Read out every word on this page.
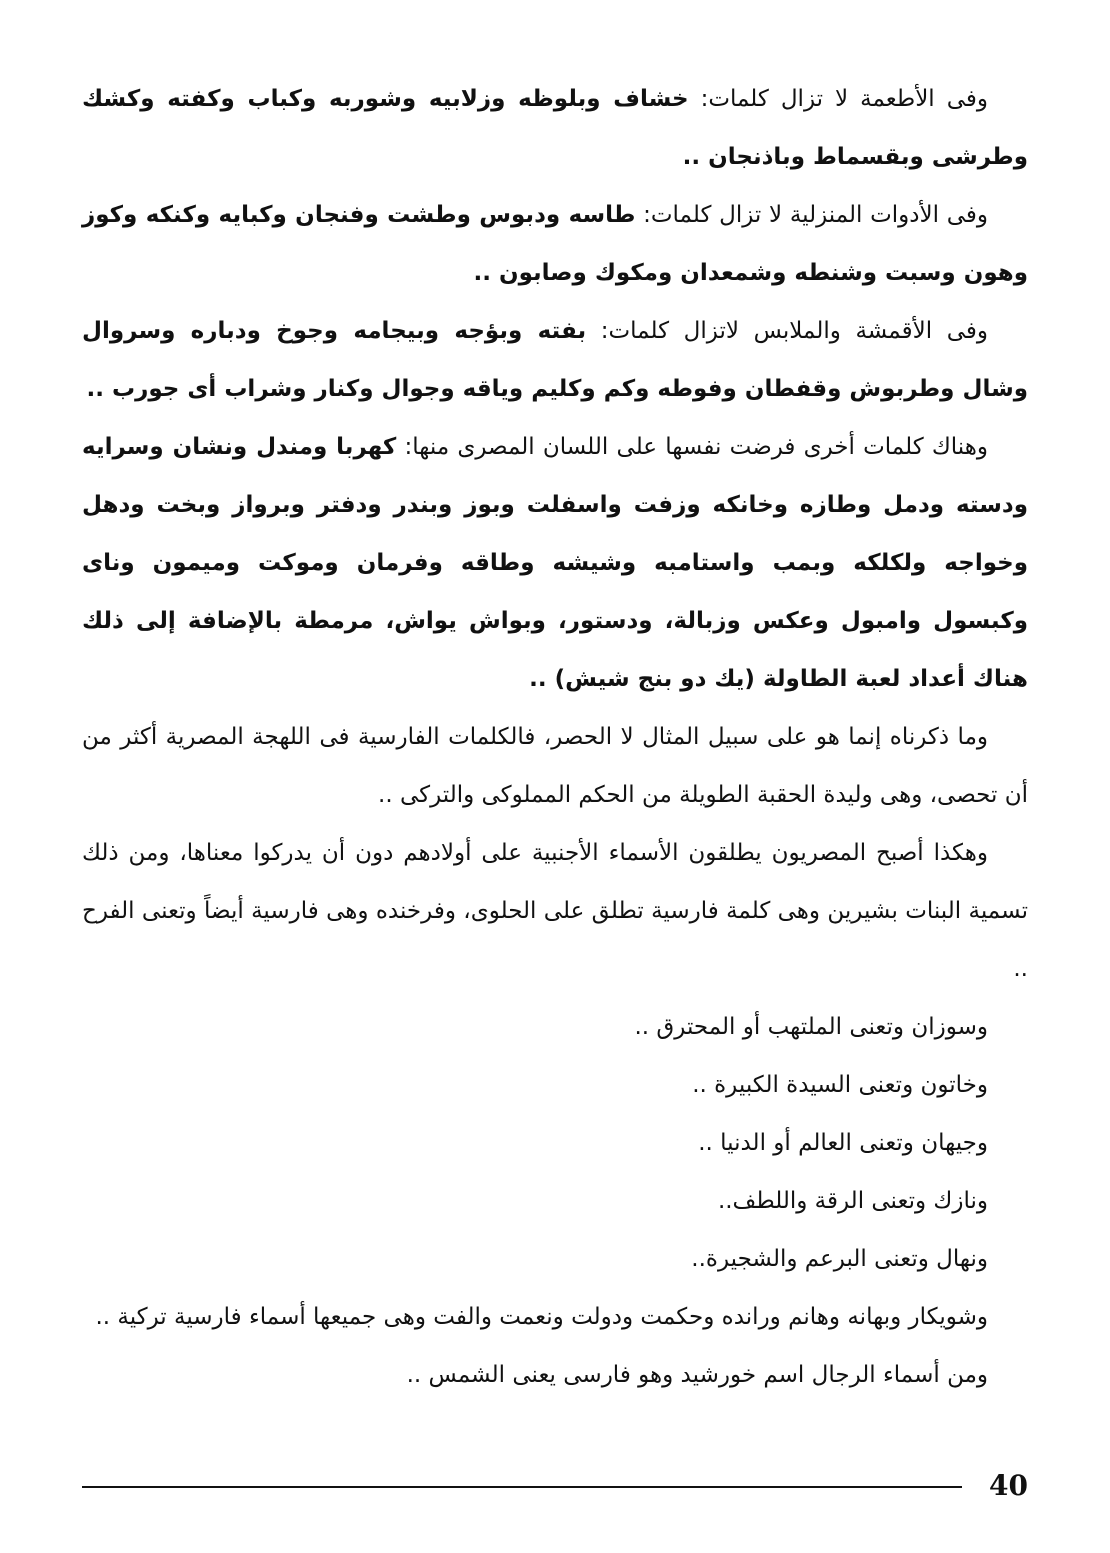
وفى الأطعمة لا تزال كلمات: خشاف وبلوظه وزلابيه وشوربه وكباب وكفته وكشك وطرشى وبقسماط وباذنجان ..

وفى الأدوات المنزلية لا تزال كلمات: طاسه ودبوس وطشت وفنجان وكبايه وكنكه وكوز وهون وسبت وشنطه وشمعدان ومكوك وصابون ..

وفى الأقمشة والملابس لاتزال كلمات: بفته وبؤجه وبيجامه وجوخ ودباره وسروال وشال وطربوش وقفطان وفوطه وكم وكليم وياقه وجوال وكنار وشراب أى جورب ..

وهناك كلمات أخرى فرضت نفسها على اللسان المصرى منها: كهربا ومندل ونشان وسرايه ودسته ودمل وطازه وخانكه وزفت واسفلت وبوز وبندر ودفتر وبرواز وبخت ودهل وخواجه ولكلكه وبمب واستامبه وشيشه وطاقه وفرمان وموكت وميمون وناى وكبسول وامبول وعكس وزبالة، ودستور، وبواش يواش، مرمطة بالإضافة إلى ذلك هناك أعداد لعبة الطاولة (يك دو بنج شيش) ..

وما ذكرناه إنما هو على سبيل المثال لا الحصر، فالكلمات الفارسية فى اللهجة المصرية أكثر من أن تحصى، وهى وليدة الحقبة الطويلة من الحكم المملوكى والتركى ..

وهكذا أصبح المصريون يطلقون الأسماء الأجنبية على أولادهم دون أن يدركوا معناها، ومن ذلك تسمية البنات بشيرين وهى كلمة فارسية تطلق على الحلوى، وفرخنده وهى فارسية أيضاً وتعنى الفرح ..

وسوزان وتعنى الملتهب أو المحترق ..

وخاتون وتعنى السيدة الكبيرة ..

وجيهان وتعنى العالم أو الدنيا ..

ونازك وتعنى الرقة واللطف..

ونهال وتعنى البرعم والشجيرة..

وشويكار وبهانه وهانم ورانده وحكمت ودولت ونعمت والفت وهى جميعها أسماء فارسية تركية ..

ومن أسماء الرجال اسم خورشيد وهو فارسى يعنى الشمس ..

40
